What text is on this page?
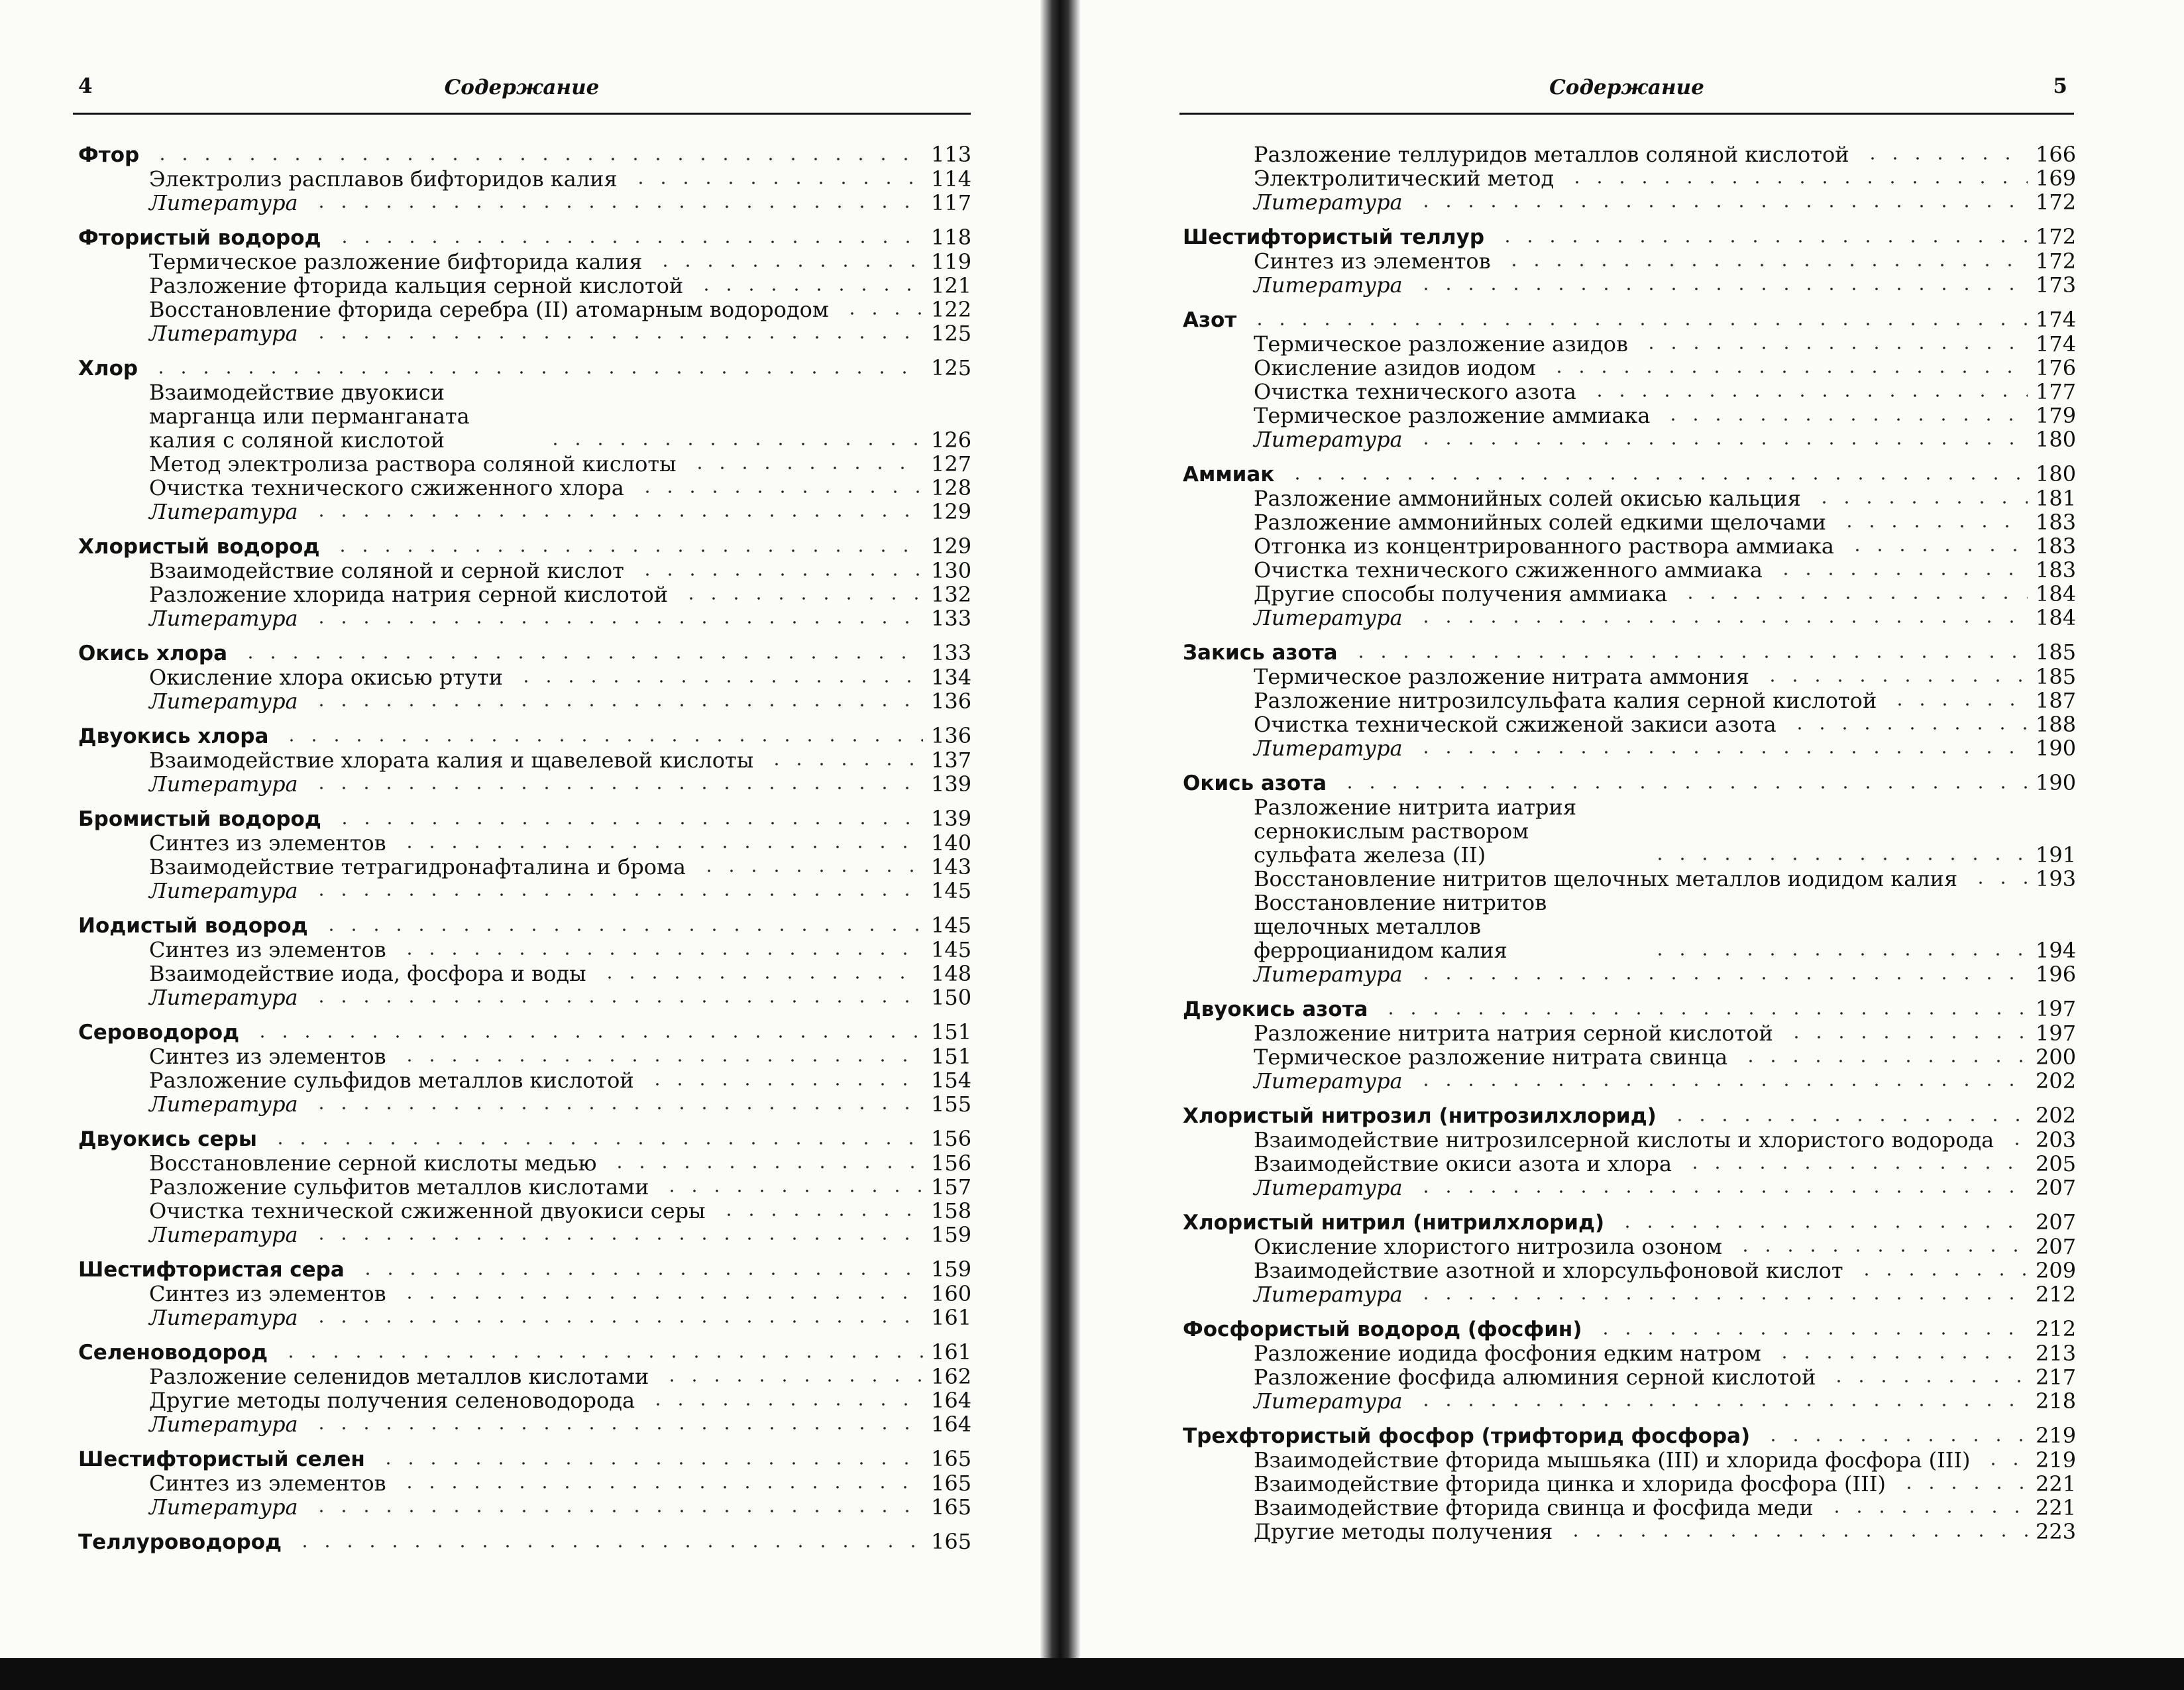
4	Содержание
Фтор	113
Электролиз расплавов бифторидов калия	114
Литература	117
Фтористый водород	118
Термическое разложение бифторида калия	119
Разложение фторида кальция серной кислотой	121
Восстановление фторида серебра (II) атомарным водородом	122
Литература	125
Хлор	125
Взаимодействие двуокиси марганца или перманганата калия с соляной кислотой	126
Метод электролиза раствора соляной кислоты	127
Очистка технического сжиженного хлора	128
Литература	129
Хлористый водород	129
Взаимодействие соляной и серной кислот	130
Разложение хлорида натрия серной кислотой	132
Литература	133
Окись хлора	133
Окисление хлора окисью ртути	134
Литература	136
Двуокись хлора	136
Взаимодействие хлората калия и щавелевой кислоты	137
Литература	139
Бромистый водород	139
Синтез из элементов	140
Взаимодействие тетрагидронафталина и брома	143
Литература	145
Иодистый водород	145
Синтез из элементов	145
Взаимодействие иода, фосфора и воды	148
Литература	150
Сероводород	151
Синтез из элементов	151
Разложение сульфидов металлов кислотой	154
Литература	155
Двуокись серы	156
Восстановление серной кислоты медью	156
Разложение сульфитов металлов кислотами	157
Очистка технической сжиженной двуокиси серы	158
Литература	159
Шестифтористая сера	159
Синтез из элементов	160
Литература	161
Селеноводород	161
Разложение селенидов металлов кислотами	162
Другие методы получения селеноводорода	164
Литература	164
Шестифтористый селен	165
Синтез из элементов	165
Литература	165
Теллуроводород	165
Содержание	5
Разложение теллуридов металлов соляной кислотой	166
Электролитический метод	169
Литература	172
Шестифтористый теллур	172
Синтез из элементов	172
Литература	173
Азот	174
Термическое разложение азидов	174
Окисление азидов иодом	176
Очистка технического азота	177
Термическое разложение аммиака	179
Литература	180
Аммиак	180
Разложение аммонийных солей окисью кальция	181
Разложение аммонийных солей едкими щелочами	183
Отгонка из концентрированного раствора аммиака	183
Очистка технического сжиженного аммиака	183
Другие способы получения аммиака	184
Литература	184
Закись азота	185
Термическое разложение нитрата аммония	185
Разложение нитрозилсульфата калия серной кислотой	187
Очистка технической сжиженой закиси азота	188
Литература	190
Окись азота	190
Разложение нитрита иатрия сернокислым раствором сульфата железа (II)	191
Восстановление нитритов щелочных металлов иодидом калия	193
Восстановление нитритов щелочных металлов ферроцианидом калия	194
Литература	196
Двуокись азота	197
Разложение нитрита натрия серной кислотой	197
Термическое разложение нитрата свинца	200
Литература	202
Хлористый нитрозил (нитрозилхлорид)	202
Взаимодействие нитрозилсерной кислоты и хлористого водорода 203
Взаимодействие окиси азота и хлора	205
Литература	207
Хлористый нитрил (нитрилхлорид)	207
Окисление хлористого нитрозила озоном	207
Взаимодействие азотной и хлорсульфоновой кислот	209
Литература	212
Фосфористый водород (фосфин)	212
Разложение иодида фосфония едким натром	213
Разложение фосфида алюминия серной кислотой	217
Литература	218
Трехфтористый фосфор (трифторид фосфора)	219
Взаимодействие фторида мышьяка (III) и хлорида фосфора (III)	219
Взаимодействие фторида цинка и хлорида фосфора (III)	221
Взаимодействие фторида свинца и фосфида меди	221
Другие методы получения	223
